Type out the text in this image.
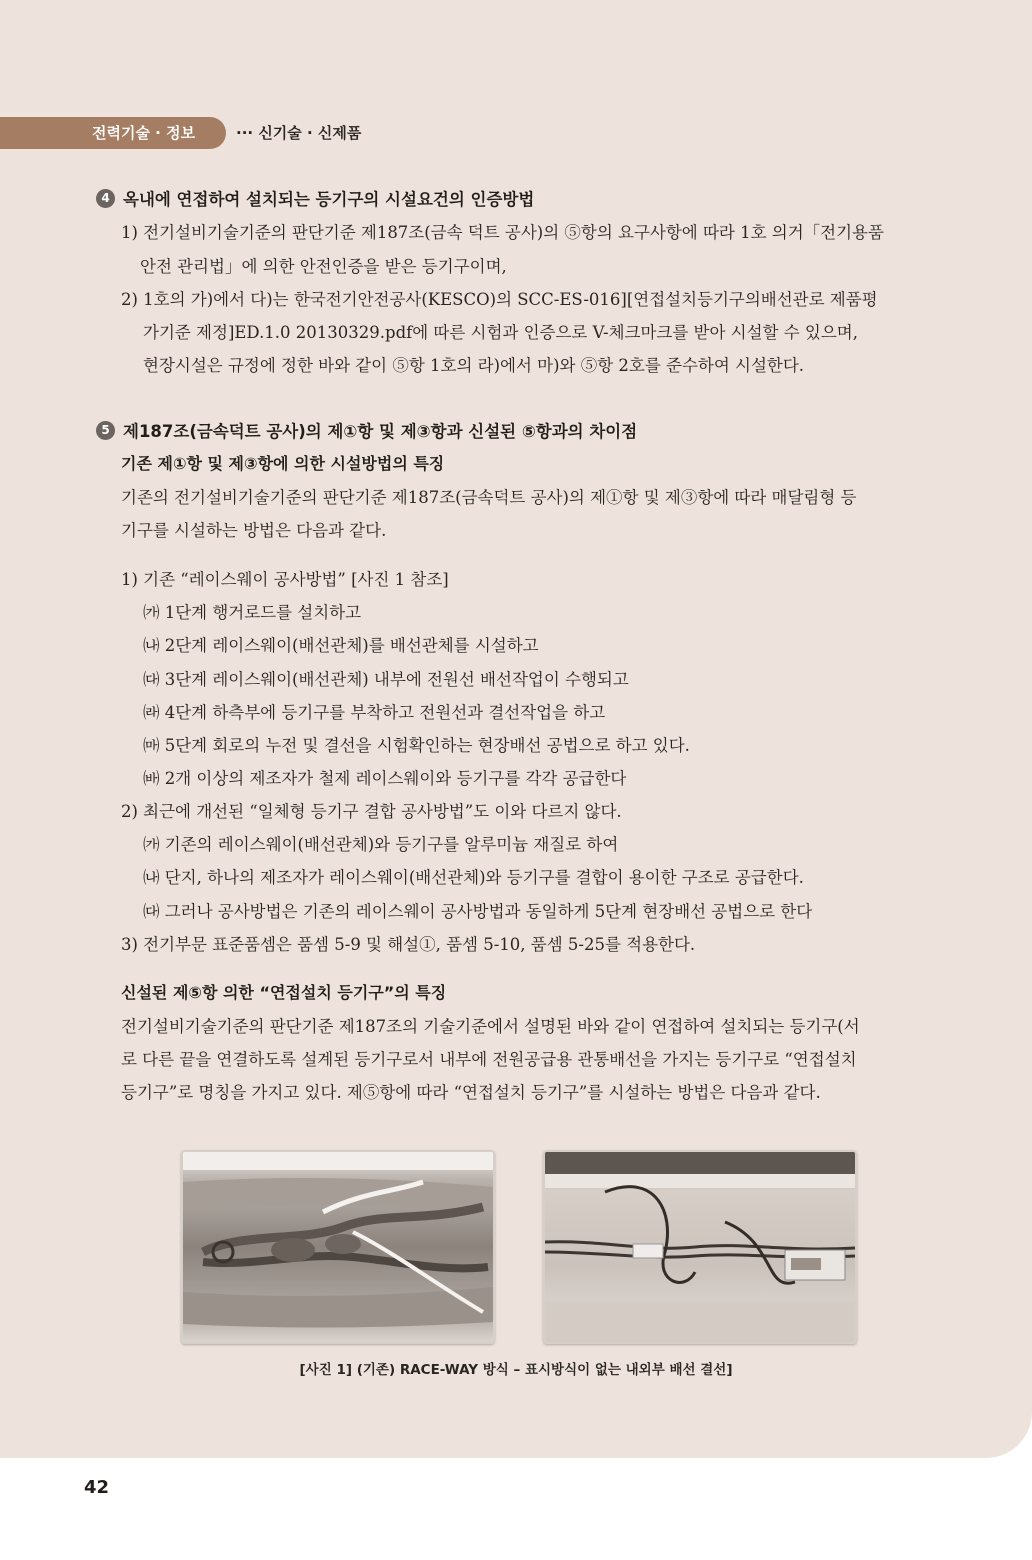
전력기술 · 정보	··· 신기술 · 신제품
4 옥내에 연접하여 설치되는 등기구의 시설요건의 인증방법
1) 전기설비기술기준의 판단기준 제187조(금속 덕트 공사)의 ⑤항의 요구사항에 따라 1호 의거「전기용품
안전 관리법」에 의한 안전인증을 받은 등기구이며,
2) 1호의 가)에서 다)는 한국전기안전공사(KESCO)의 SCC-ES-016][연접설치등기구의배선관로 제품평
가기준 제정]ED.1.0 20130329.pdf에 따른 시험과 인증으로 V-체크마크를 받아 시설할 수 있으며,
현장시설은 규정에 정한 바와 같이 ⑤항 1호의 라)에서 마)와 ⑤항 2호를 준수하여 시설한다.
5 제187조(금속덕트 공사)의 제①항 및 제③항과 신설된 ⑤항과의 차이점
기존 제①항 및 제③항에 의한 시설방법의 특징
기존의 전기설비기술기준의 판단기준 제187조(금속덕트 공사)의 제①항 및 제③항에 따라 매달림형 등
기구를 시설하는 방법은 다음과 같다.
1) 기존 “레이스웨이 공사방법” [사진 1 참조]
㈎ 1단계 행거로드를 설치하고
㈏ 2단계 레이스웨이(배선관체)를 배선관체를 시설하고
㈐ 3단계 레이스웨이(배선관체) 내부에 전원선 배선작업이 수행되고
㈑ 4단계 하측부에 등기구를 부착하고 전원선과 결선작업을 하고
㈒ 5단계 회로의 누전 및 결선을 시험확인하는 현장배선 공법으로 하고 있다.
㈓ 2개 이상의 제조자가 철제 레이스웨이와 등기구를 각각 공급한다
2) 최근에 개선된 “일체형 등기구 결합 공사방법”도 이와 다르지 않다.
㈎ 기존의 레이스웨이(배선관체)와 등기구를 알루미늄 재질로 하여
㈏ 단지, 하나의 제조자가 레이스웨이(배선관체)와 등기구를 결합이 용이한 구조로 공급한다.
㈐ 그러나 공사방법은 기존의 레이스웨이 공사방법과 동일하게 5단계 현장배선 공법으로 한다
3) 전기부문 표준품셈은 품셈 5-9 및 해설①, 품셈 5-10, 품셈 5-25를 적용한다.
신설된 제⑤항 의한 “연접설치 등기구”의 특징
전기설비기술기준의 판단기준 제187조의 기술기준에서 설명된 바와 같이 연접하여 설치되는 등기구(서
로 다른 끝을 연결하도록 설계된 등기구로서 내부에 전원공급용 관통배선을 가지는 등기구로 “연접설치
등기구”로 명칭을 가지고 있다. 제⑤항에 따라 “연접설치 등기구”를 시설하는 방법은 다음과 같다.
[사진 1] (기존) RACE-WAY 방식 – 표시방식이 없는 내외부 배선 결선]
42
